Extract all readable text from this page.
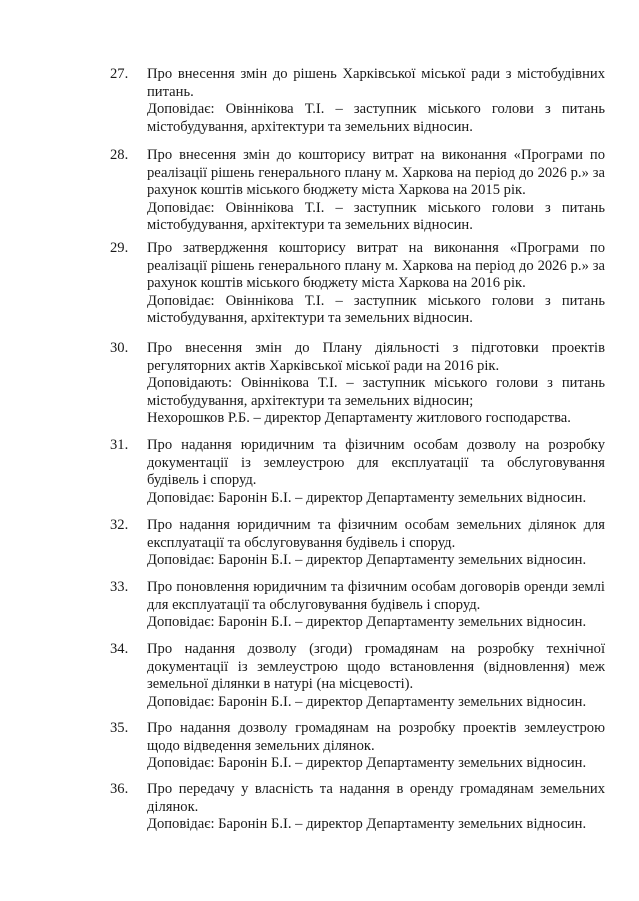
27. Про внесення змін до рішень Харківської міської ради з містобудівних питань.

Доповідає: Овіннікова Т.І. – заступник міського голови з питань містобудування, архітектури та земельних відносин.

28. Про внесення змін до кошторису витрат на виконання «Програми по реалізації рішень генерального плану м. Харкова на період до 2026 р.» за рахунок коштів міського бюджету міста Харкова на 2015 рік.

Доповідає: Овіннікова Т.І. – заступник міського голови з питань містобудування, архітектури та земельних відносин.

29. Про затвердження кошторису витрат на виконання «Програми по реалізації рішень генерального плану м. Харкова на період до 2026 р.» за рахунок коштів міського бюджету міста Харкова на 2016 рік.

Доповідає: Овіннікова Т.І. – заступник міського голови з питань містобудування, архітектури та земельних відносин.

30. Про внесення змін до Плану діяльності з підготовки проектів регуляторних актів Харківської міської ради на 2016 рік.

Доповідають: Овіннікова Т.І. – заступник міського голови з питань містобудування, архітектури та земельних відносин;

Нехорошков Р.Б. – директор Департаменту житлового господарства.

31. Про надання юридичним та фізичним особам дозволу на розробку документації із землеустрою для експлуатації та обслуговування будівель і споруд.

Доповідає: Баронін Б.І. – директор Департаменту земельних відносин.

32. Про надання юридичним та фізичним особам земельних ділянок для експлуатації та обслуговування будівель і споруд.

Доповідає: Баронін Б.І. – директор Департаменту земельних відносин.

33. Про поновлення юридичним та фізичним особам договорів оренди землі для експлуатації та обслуговування будівель і споруд.

Доповідає: Баронін Б.І. – директор Департаменту земельних відносин.

34. Про надання дозволу (згоди) громадянам на розробку технічної документації із землеустрою щодо встановлення (відновлення) меж земельної ділянки в натурі (на місцевості).

Доповідає: Баронін Б.І. – директор Департаменту земельних відносин.

35. Про надання дозволу громадянам на розробку проектів землеустрою щодо відведення земельних ділянок.

Доповідає: Баронін Б.І. – директор Департаменту земельних відносин.

36. Про передачу у власність та надання в оренду громадянам земельних ділянок.

Доповідає: Баронін Б.І. – директор Департаменту земельних відносин.
